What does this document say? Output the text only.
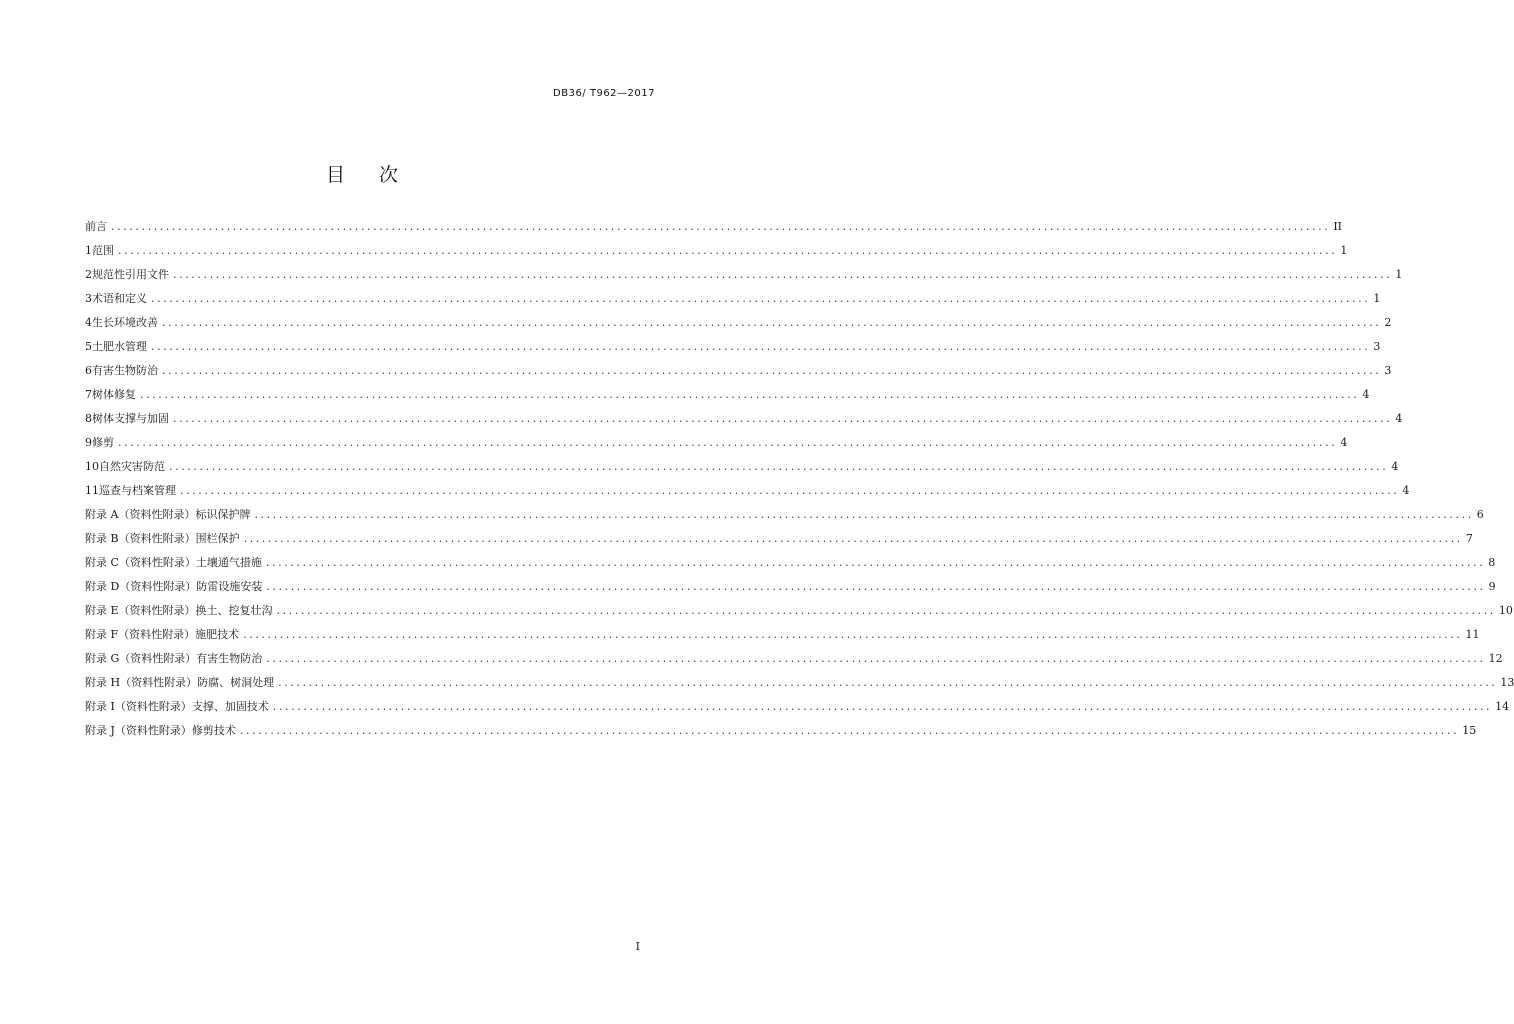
DB36/ T962—2017
目次
前言 ........................................................................................................................................................................................................ II
1 范围 ........................................................................................................................................................................................................ 1
2 规范性引用文件 ........................................................................................................................................................................................................ 1
3 术语和定义 ........................................................................................................................................................................................................ 1
4 生长环境改善 ........................................................................................................................................................................................................ 2
5 土肥水管理 ........................................................................................................................................................................................................ 3
6 有害生物防治 ........................................................................................................................................................................................................ 3
7 树体修复 ........................................................................................................................................................................................................ 4
8 树体支撑与加固 ........................................................................................................................................................................................................ 4
9 修剪 ........................................................................................................................................................................................................ 4
10 自然灾害防范 ........................................................................................................................................................................................................ 4
11 巡查与档案管理 ........................................................................................................................................................................................................ 4
附录 A（资料性附录） 标识保护牌 ........................................................................................................................................................................................................ 6
附录 B（资料性附录） 围栏保护 ........................................................................................................................................................................................................ 7
附录 C（资料性附录） 土壤通气措施 ........................................................................................................................................................................................................ 8
附录 D（资料性附录） 防雷设施安装 ........................................................................................................................................................................................................ 9
附录 E（资料性附录） 换土、挖复壮沟 ........................................................................................................................................................................................................ 10
附录 F（资料性附录） 施肥技术 ........................................................................................................................................................................................................ 11
附录 G（资料性附录） 有害生物防治 ........................................................................................................................................................................................................ 12
附录 H（资料性附录） 防腐、树洞处理 ........................................................................................................................................................................................................ 13
附录 I（资料性附录） 支撑、加固技术 ........................................................................................................................................................................................................ 14
附录 J（资料性附录） 修剪技术 ........................................................................................................................................................................................................ 15
I
